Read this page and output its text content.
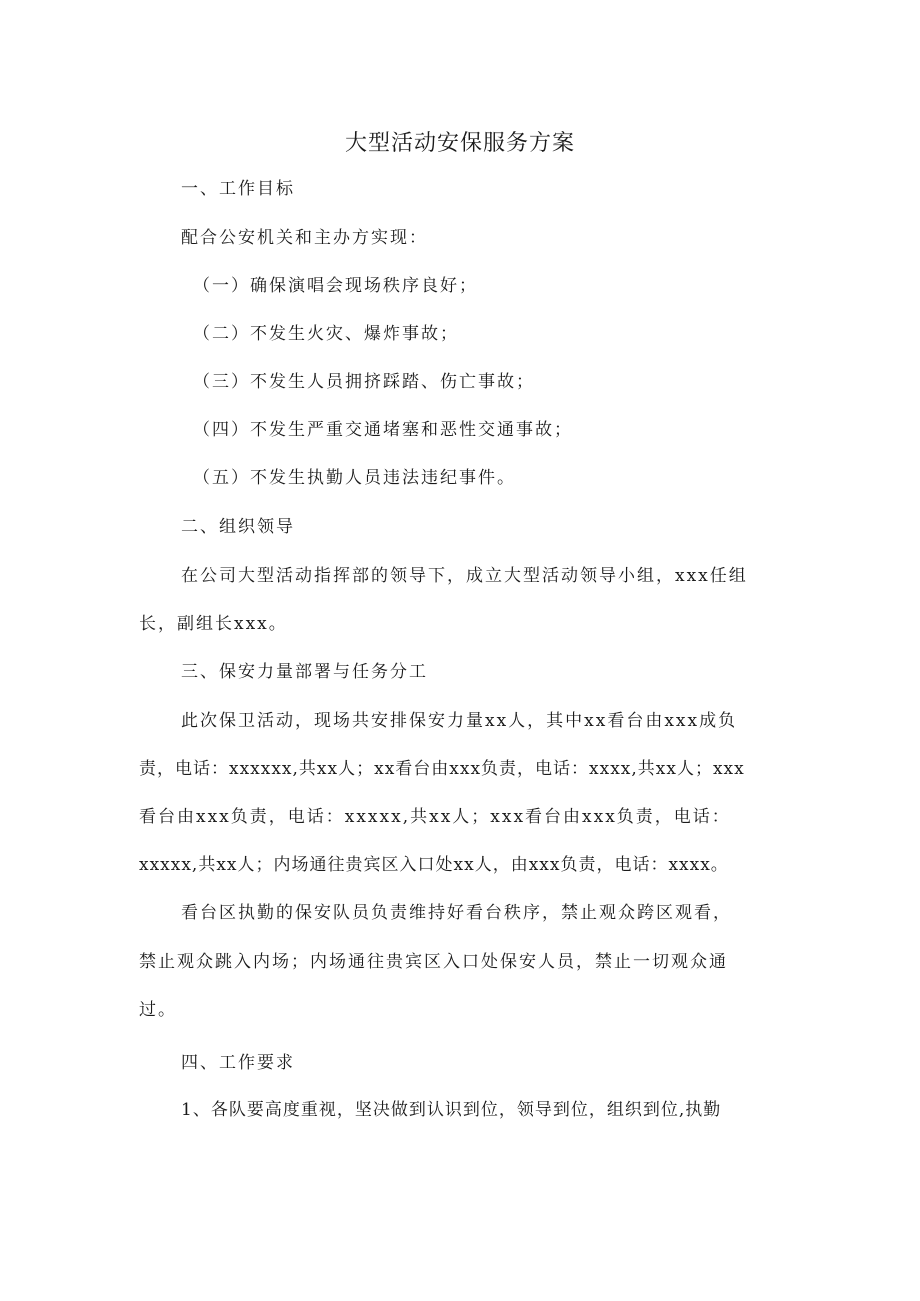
大型活动安保服务方案

一、工作目标

配合公安机关和主办方实现：

（一）确保演唱会现场秩序良好；

（二）不发生火灾、爆炸事故；

（三）不发生人员拥挤踩踏、伤亡事故；

（四）不发生严重交通堵塞和恶性交通事故；

（五）不发生执勤人员违法违纪事件。

二、组织领导

在公司大型活动指挥部的领导下，成立大型活动领导小组，xxx任组

长，副组长xxx。

三、保安力量部署与任务分工

此次保卫活动，现场共安排保安力量xx人，其中xx看台由xxx成负

责，电话：xxxxxx,共xx人；xx看台由xxx负责，电话：xxxx,共xx人；xxx

看台由xxx负责，电话：xxxxx,共xx人；xxx看台由xxx负责，电话：

xxxxx,共xx人；内场通往贵宾区入口处xx人，由xxx负责，电话：xxxx。

看台区执勤的保安队员负责维持好看台秩序，禁止观众跨区观看，

禁止观众跳入内场；内场通往贵宾区入口处保安人员，禁止一切观众通

过。

四、工作要求

1、各队要高度重视，坚决做到认识到位，领导到位，组织到位,执勤
